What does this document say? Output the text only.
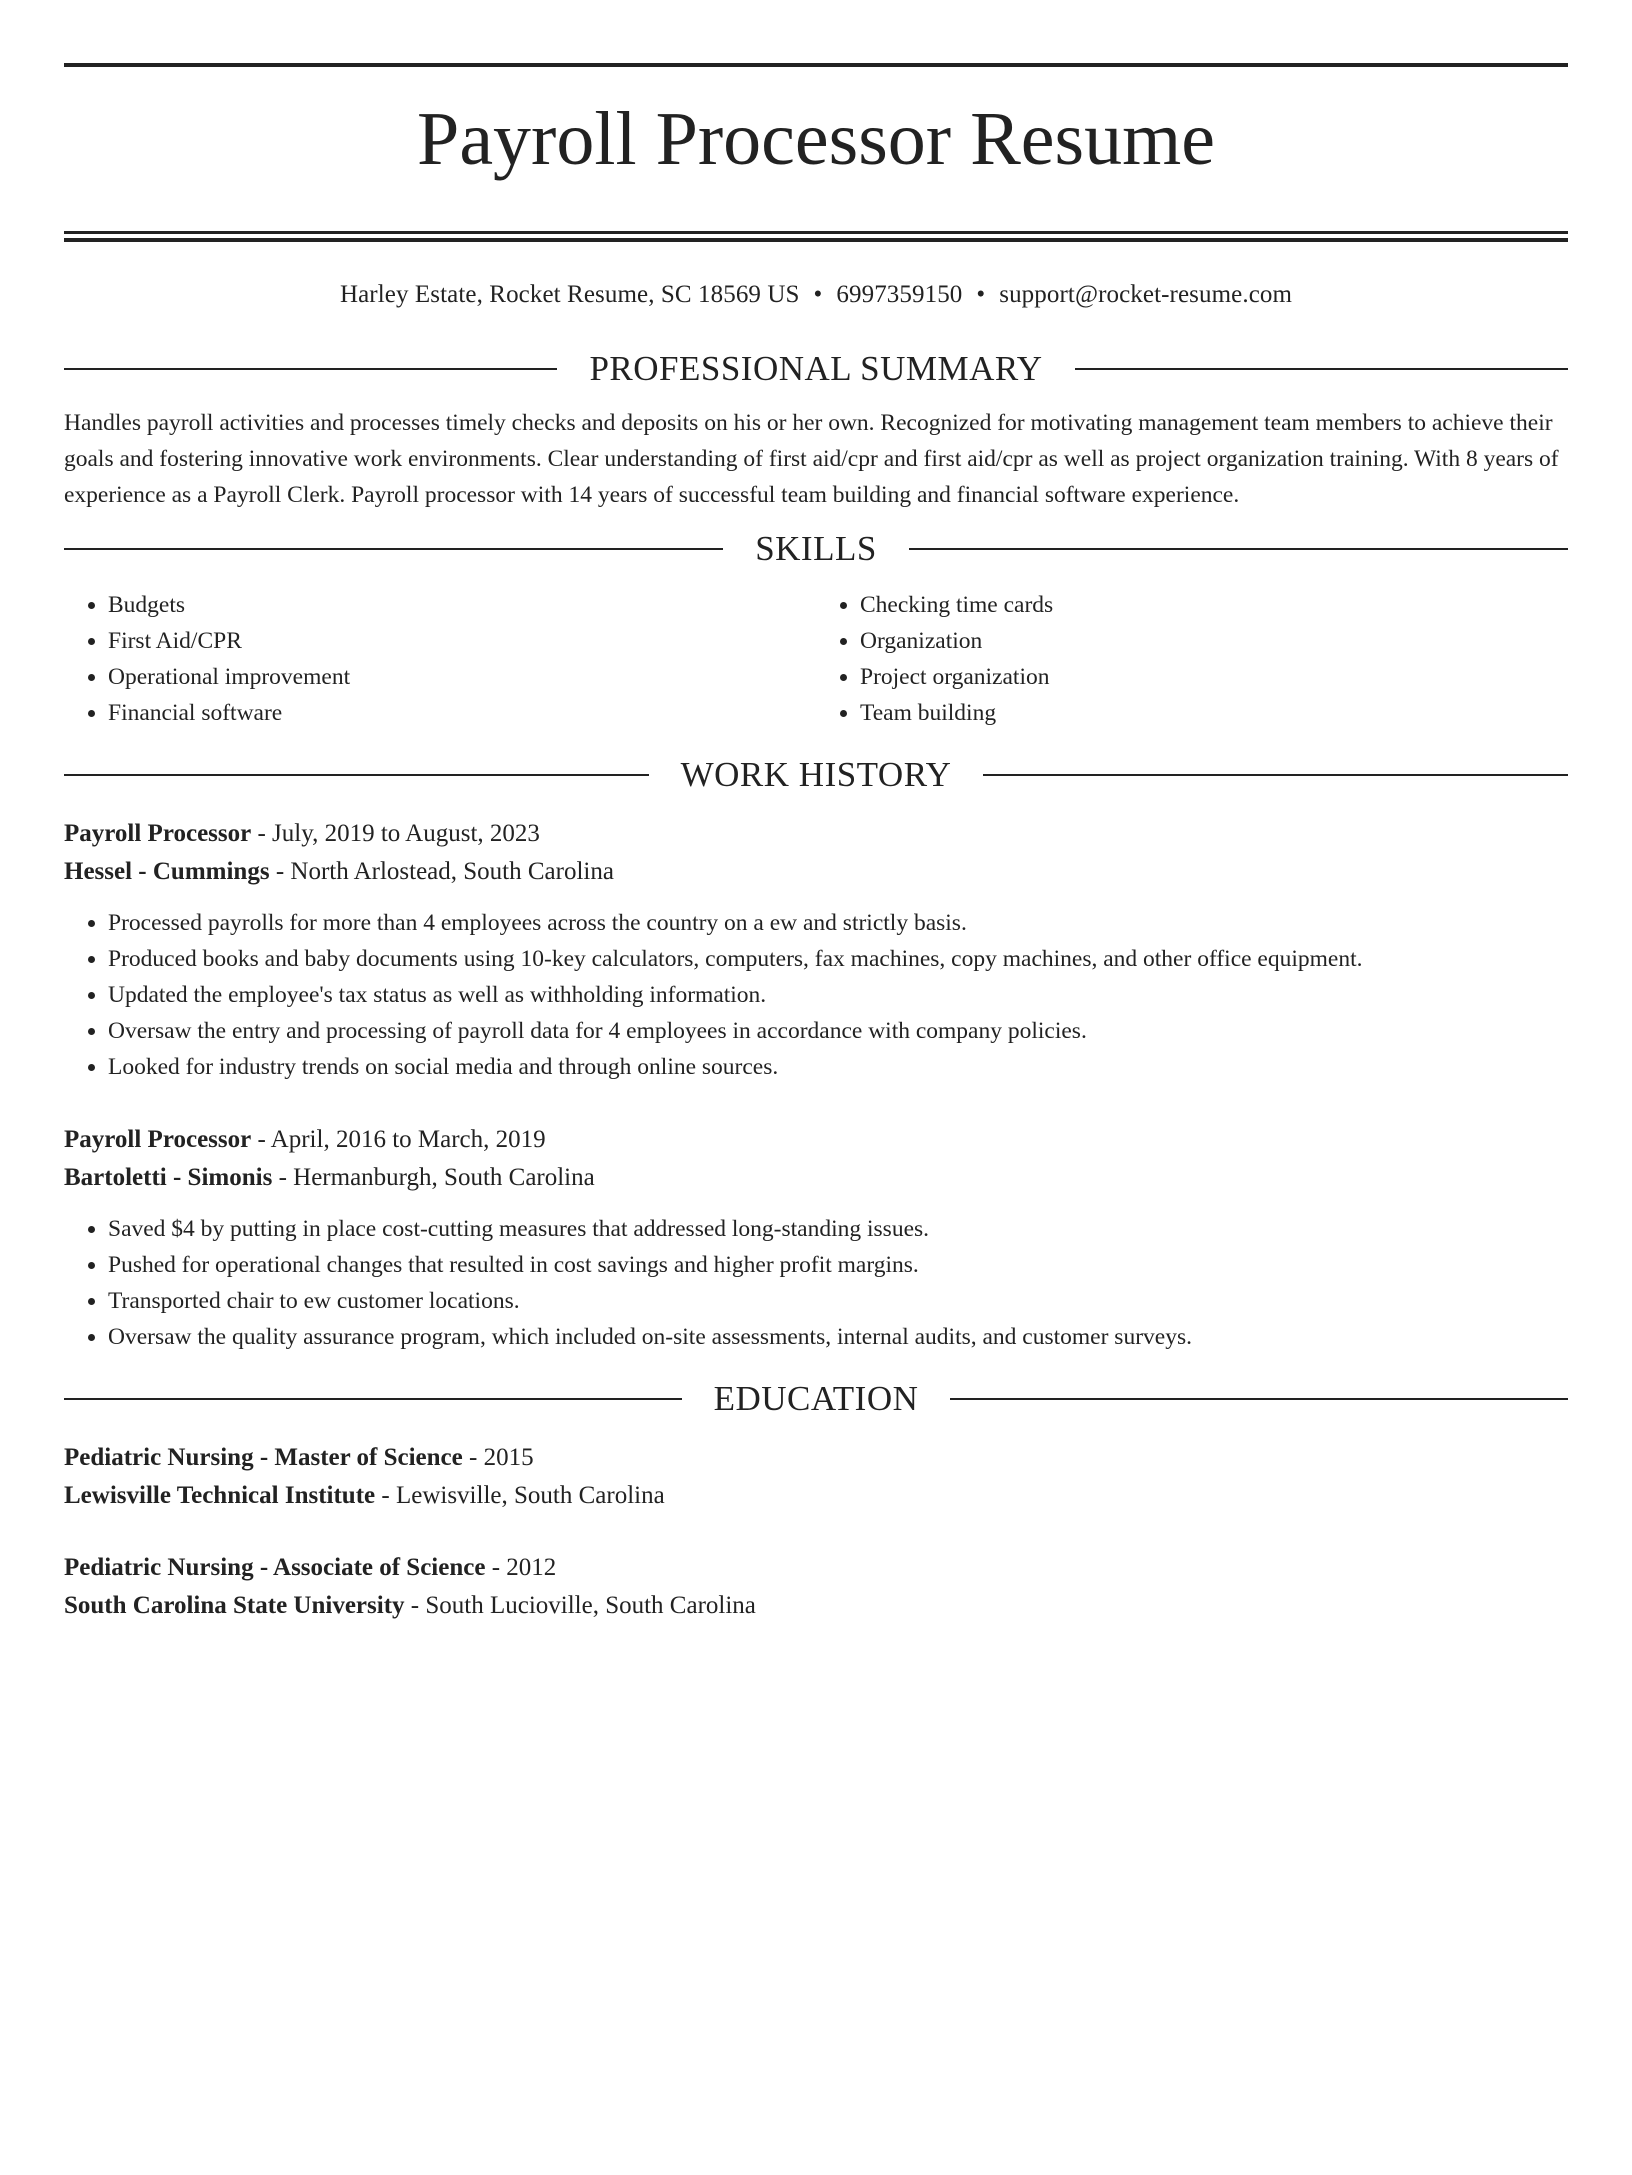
Payroll Processor Resume
Harley Estate, Rocket Resume, SC 18569 US • 6997359150 • support@rocket-resume.com
PROFESSIONAL SUMMARY
Handles payroll activities and processes timely checks and deposits on his or her own. Recognized for motivating management team members to achieve their goals and fostering innovative work environments. Clear understanding of first aid/cpr and first aid/cpr as well as project organization training. With 8 years of experience as a Payroll Clerk. Payroll processor with 14 years of successful team building and financial software experience.
SKILLS
• Budgets
• First Aid/CPR
• Operational improvement
• Financial software
• Checking time cards
• Organization
• Project organization
• Team building
WORK HISTORY
Payroll Processor - July, 2019 to August, 2023
Hessel - Cummings - North Arlostead, South Carolina
• Processed payrolls for more than 4 employees across the country on a ew and strictly basis.
• Produced books and baby documents using 10-key calculators, computers, fax machines, copy machines, and other office equipment.
• Updated the employee's tax status as well as withholding information.
• Oversaw the entry and processing of payroll data for 4 employees in accordance with company policies.
• Looked for industry trends on social media and through online sources.
Payroll Processor - April, 2016 to March, 2019
Bartoletti - Simonis - Hermanburgh, South Carolina
• Saved $4 by putting in place cost-cutting measures that addressed long-standing issues.
• Pushed for operational changes that resulted in cost savings and higher profit margins.
• Transported chair to ew customer locations.
• Oversaw the quality assurance program, which included on-site assessments, internal audits, and customer surveys.
EDUCATION
Pediatric Nursing - Master of Science - 2015
Lewisville Technical Institute - Lewisville, South Carolina
Pediatric Nursing - Associate of Science - 2012
South Carolina State University - South Lucioville, South Carolina
